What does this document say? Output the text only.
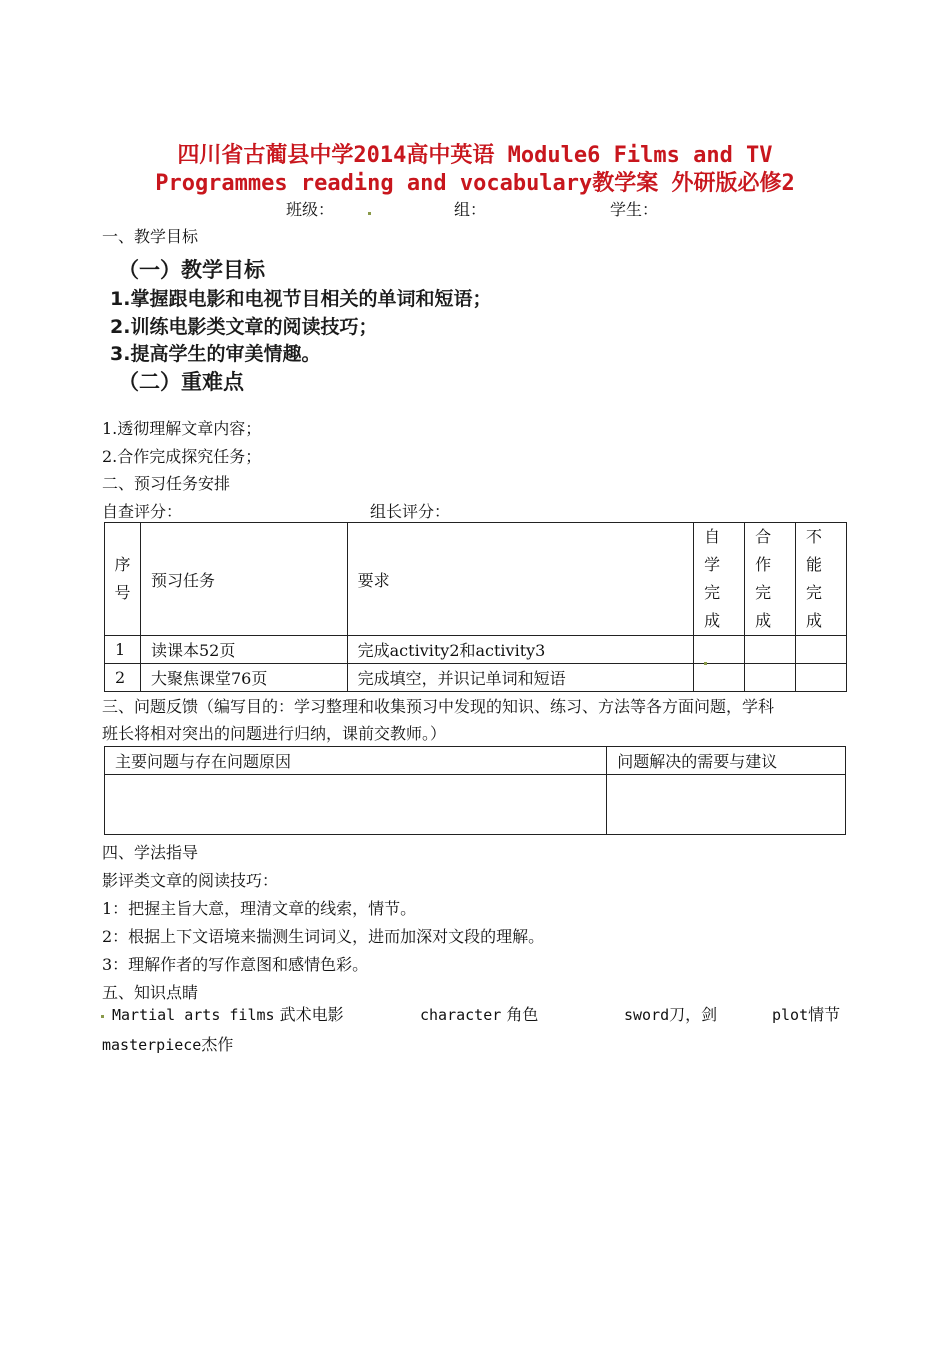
四川省古蔺县中学2014高中英语 Module6 Films and TV
Programmes reading and vocabulary教学案 外研版必修2
班级：	组：	学生：
一、教学目标
（一）教学目标
1.掌握跟电影和电视节目相关的单词和短语；
2.训练电影类文章的阅读技巧；
3.提高学生的审美情趣。
（二）重难点
1.透彻理解文章内容；
2.合作完成探究任务；
二、预习任务安排
自查评分：	组长评分：
序号	预习任务	要求	自学完成	合作完成	不能完成

1	读课本52页	完成activity2和activity3			
2	大聚焦课堂76页	完成填空，并识记单词和短语			
三、问题反馈（编写目的：学习整理和收集预习中发现的知识、练习、方法等各方面问题，学科
班长将相对突出的问题进行归纳，课前交教师。）
主要问题与存在问题原因	问题解决的需要与建议

四、学法指导
影评类文章的阅读技巧：
1：把握主旨大意，理清文章的线索，情节。
2：根据上下文语境来揣测生词词义，进而加深对文段的理解。
3：理解作者的写作意图和感情色彩。
五、知识点睛
Martial arts films 武术电影	character 角色	sword刀，剑	plot情节
masterpiece杰作
